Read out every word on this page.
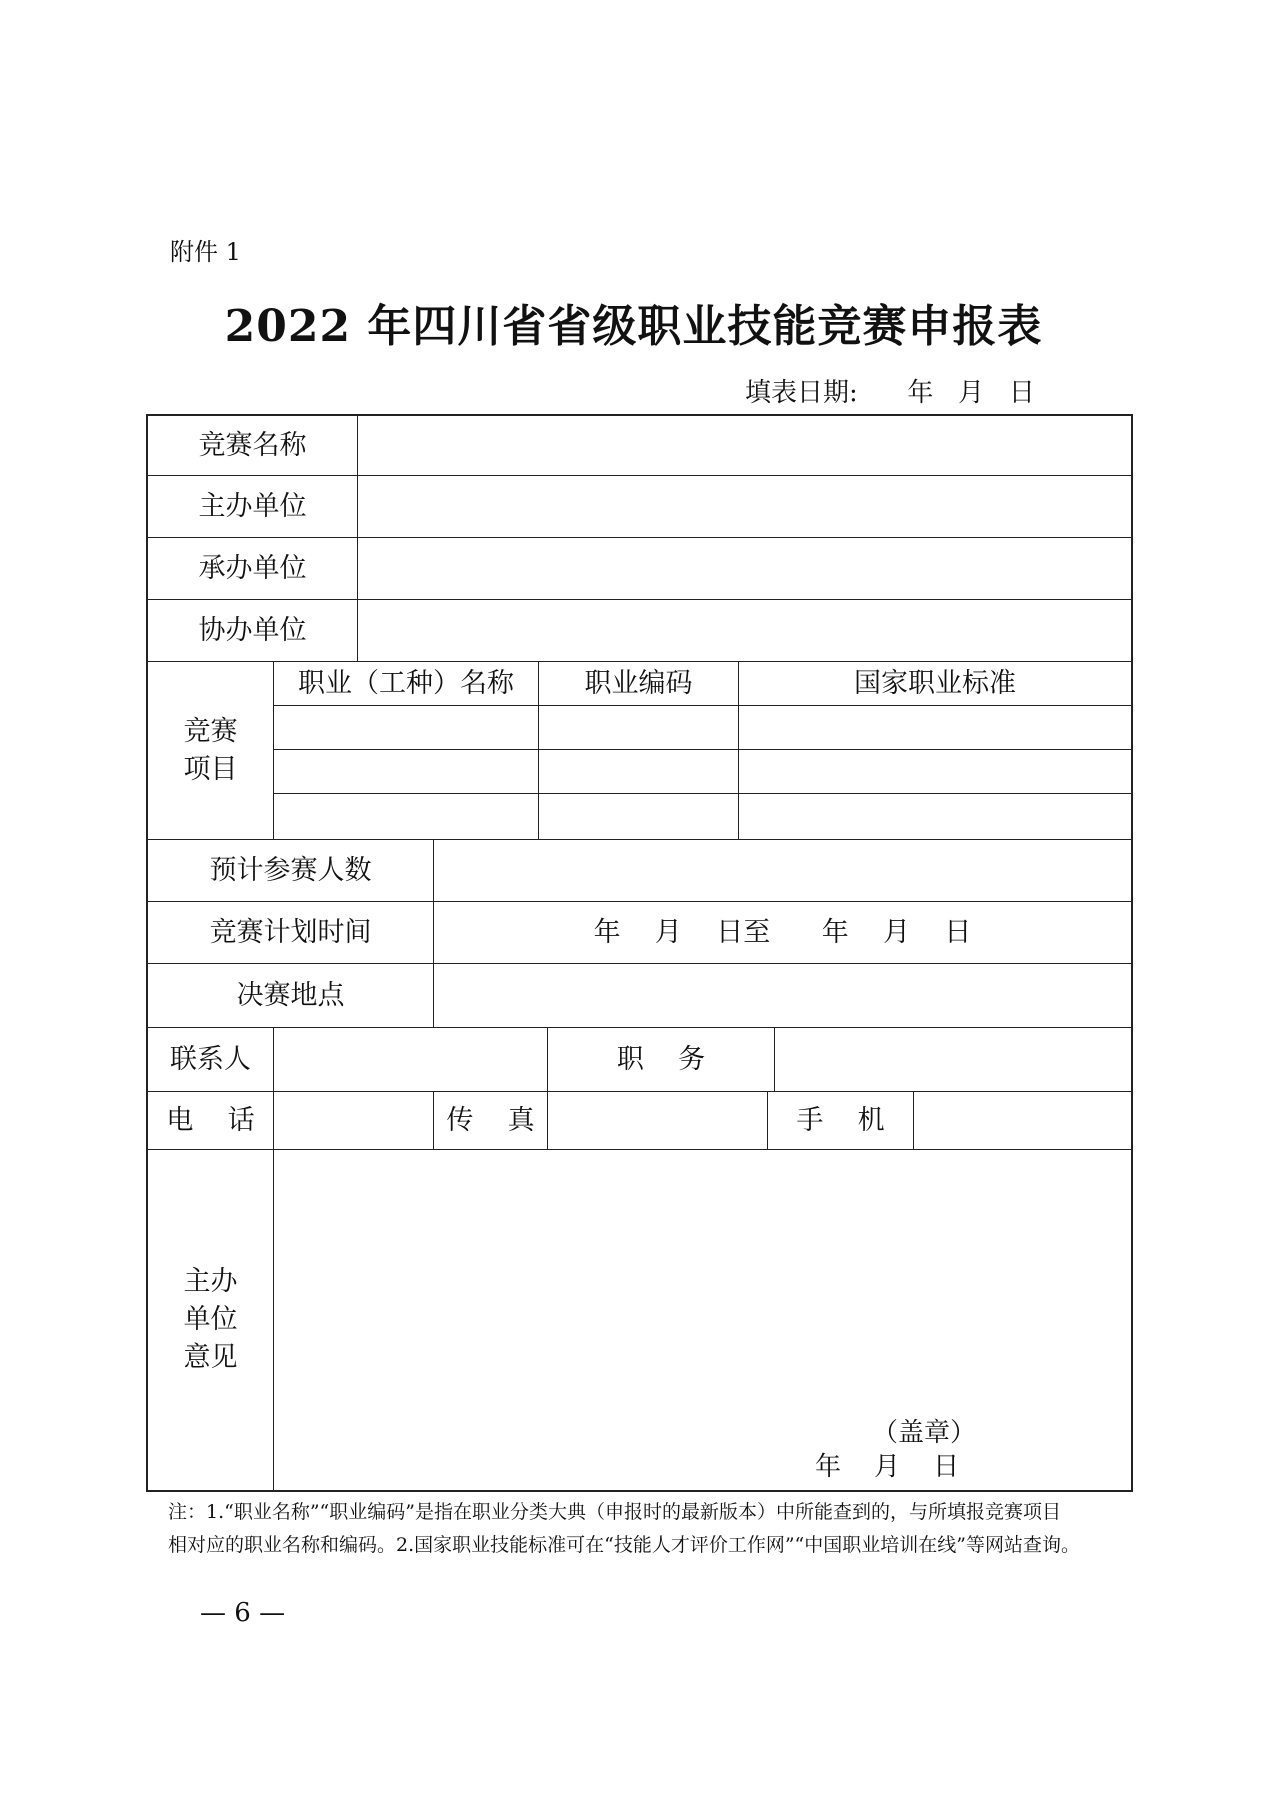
附件 1
2022 年四川省省级职业技能竞赛申报表
填表日期:      年   月   日
竞赛名称
主办单位
承办单位
协办单位
竞赛
项目
职业（工种）名称	职业编码	国家职业标准
预计参赛人数
竞赛计划时间	年    月    日至      年    月    日
决赛地点
联系人	职    务
电    话	传    真	手    机
主办
单位
意见
（盖章）
年    月    日
注：1.“职业名称”“职业编码”是指在职业分类大典（申报时的最新版本）中所能查到的，与所填报竞赛项目
相对应的职业名称和编码。2.国家职业技能标准可在“技能人才评价工作网”“中国职业培训在线”等网站查询。
— 6 —
